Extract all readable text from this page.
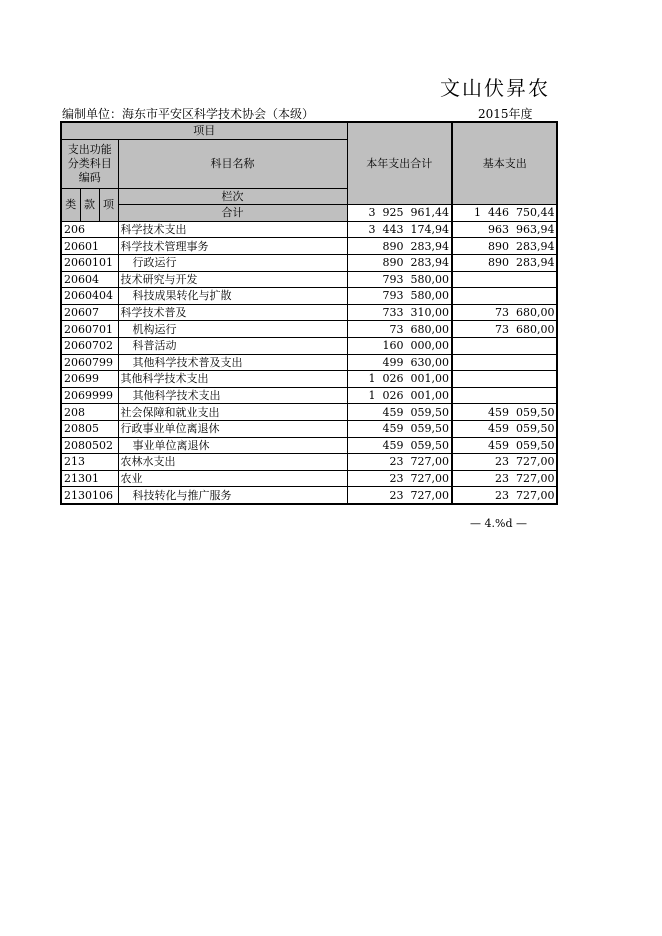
文山伏昇农
编制单位：海东市平安区科学技术协会（本级）	2015年度
项目				本年支出合计	基本支出	
支出功能分类科目编码			科目名称			

类	款	项	栏次		
			合计	3  925  961,44	1  446  750,44	
206			科学技术支出	3  443  174,94	963  963,94	
20601			科学技术管理事务	890  283,94	890  283,94	
2060101			行政运行	890  283,94	890  283,94	
20604			技术研究与开发	793  580,00		
2060404			科技成果转化与扩散	793  580,00		
20607			科学技术普及	733  310,00	73  680,00	
2060701			机构运行	73  680,00	73  680,00	
2060702			科普活动	160  000,00		
2060799			其他科学技术普及支出	499  630,00		
20699			其他科学技术支出	1  026  001,00		
2069999			其他科学技术支出	1  026  001,00		
208			社会保障和就业支出	459  059,50	459  059,50	
20805			行政事业单位离退休	459  059,50	459  059,50	
2080502			事业单位离退休	459  059,50	459  059,50	
213			农林水支出	23  727,00	23  727,00	
21301			农业	23  727,00	23  727,00	
2130106			科技转化与推广服务	23  727,00	23  727,00	
— 4.%d —
